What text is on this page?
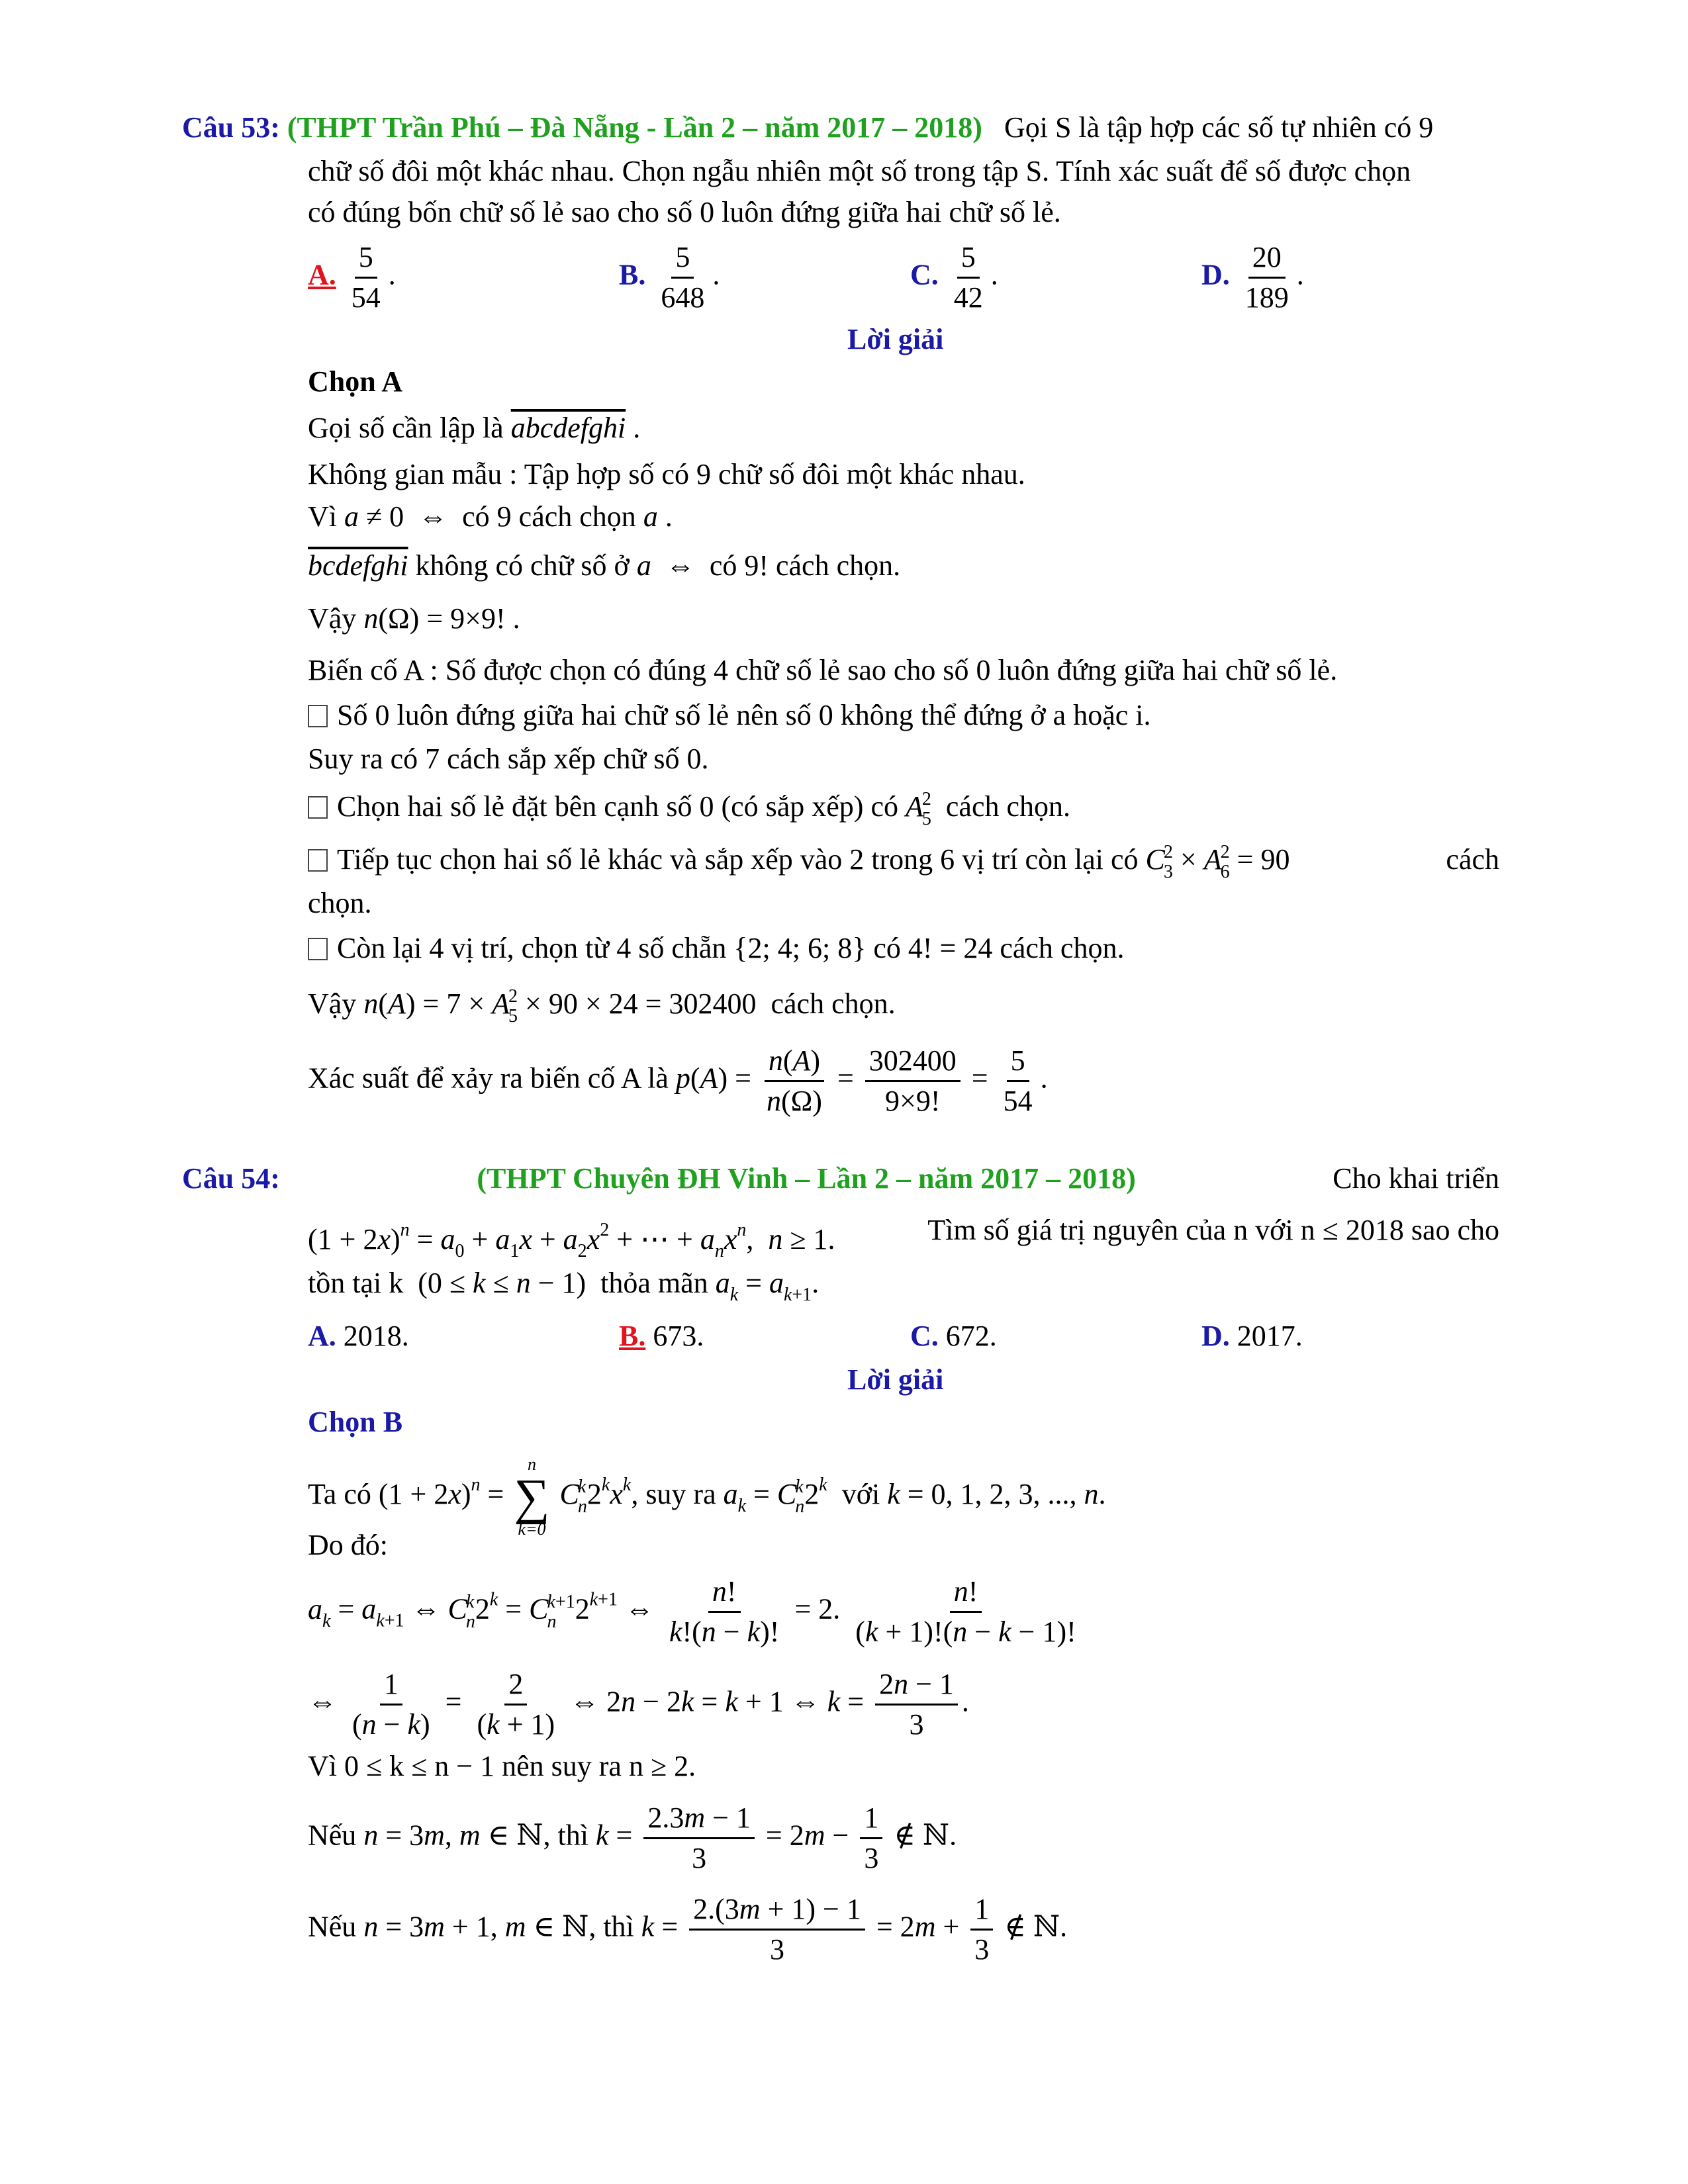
Câu 53: (THPT Trần Phú – Đà Nẵng - Lần 2 – năm 2017 – 2018) Gọi S là tập hợp các số tự nhiên có 9
chữ số đôi một khác nhau. Chọn ngẫu nhiên một số trong tập S. Tính xác suất để số được chọn
có đúng bốn chữ số lẻ sao cho số 0 luôn đứng giữa hai chữ số lẻ.
A. $\frac{5}{54}$ .	B. $\frac{5}{648}$ .	C. $\frac{5}{42}$ .	D. $\frac{20}{189}$ .
Lời giải
Chọn A
Gọi số cần lập là abcdefghi .
Không gian mẫu : Tập hợp số có 9 chữ số đôi một khác nhau.
Vì a ≠ 0  ⇔  có 9 cách chọn a .
bcdefghi không có chữ số ở a  ⇔  có 9! cách chọn.
Vậy n(Ω) = 9×9! .
Biến cố A : Số được chọn có đúng 4 chữ số lẻ sao cho số 0 luôn đứng giữa hai chữ số lẻ.
Số 0 luôn đứng giữa hai chữ số lẻ nên số 0 không thể đứng ở a hoặc i.
Suy ra có 7 cách sắp xếp chữ số 0.
Chọn hai số lẻ đặt bên cạnh số 0 (có sắp xếp) có A
2
5 cách chọn.
Tiếp tục chọn hai số lẻ khác và sắp xếp vào 2 trong 6 vị trí còn lại có C
2
3 × A
2
6 = 90	cách
chọn.
Còn lại 4 vị trí, chọn từ 4 số chẵn {2; 4; 6; 8} có 4! = 24 cách chọn.
Vậy n(A) = 7 × A
2
5 × 90 × 24 = 302400  cách chọn.
Xác suất để xảy ra biến cố A là $p(A) = \frac{n(A)}{n(\Omega)} = \frac{302400}{9\times 9!} = \frac{5}{54}$ .
Câu 54:	(THPT Chuyên ĐH Vinh – Lần 2 – năm 2017 – 2018)	Cho khai triển
$(1 + 2x)^n = a_0 + a_1x + a_2x^2$ + ⋯ + $a_nx^n$,  n ≥ 1.	Tìm số giá trị nguyên của n với n ≤ 2018 sao cho
tồn tại k  (0 ≤ k ≤ n − 1)  thỏa mãn $a_k = a_{k+1}$.
A. 2018.	B. 673.	C. 672.	D. 2017.
Lời giải
Chọn B
Ta có $(1 + 2x)^n$ =
n
∑
k=0
C
k
n $2^kx^k$, suy ra $a_k = C$
k
n 2$^k$ với k = 0, 1, 2, 3, ..., n.
Do đó:
$a_k = a_{k+1}$ ⇔ C
k
n $2^k = C$
k+1
n $2^{k+1}$ ⇔ $\frac{n!}{k!(n - k)!} = 2$. $\frac{n!}{(k + 1)!(n - k - 1)!}$
⇔ $\frac{1}{(n - k)} = \frac{2}{(k + 1)}$ ⇔ 2n − 2k = k + 1 ⇔ $k = \frac{2n - 1}{3}$ .
Vì 0 ≤ k ≤ n − 1 nên suy ra n ≥ 2.
Nếu n = 3m, m ∈ ℕ, thì $k = \frac{2.3m - 1}{3} = 2m - \frac{1}{3}$ ∉ ℕ.
Nếu n = 3m + 1, m ∈ ℕ, thì $k = \frac{2.(3m + 1) - 1}{3} = 2m + \frac{1}{3}$ ∉ ℕ.
